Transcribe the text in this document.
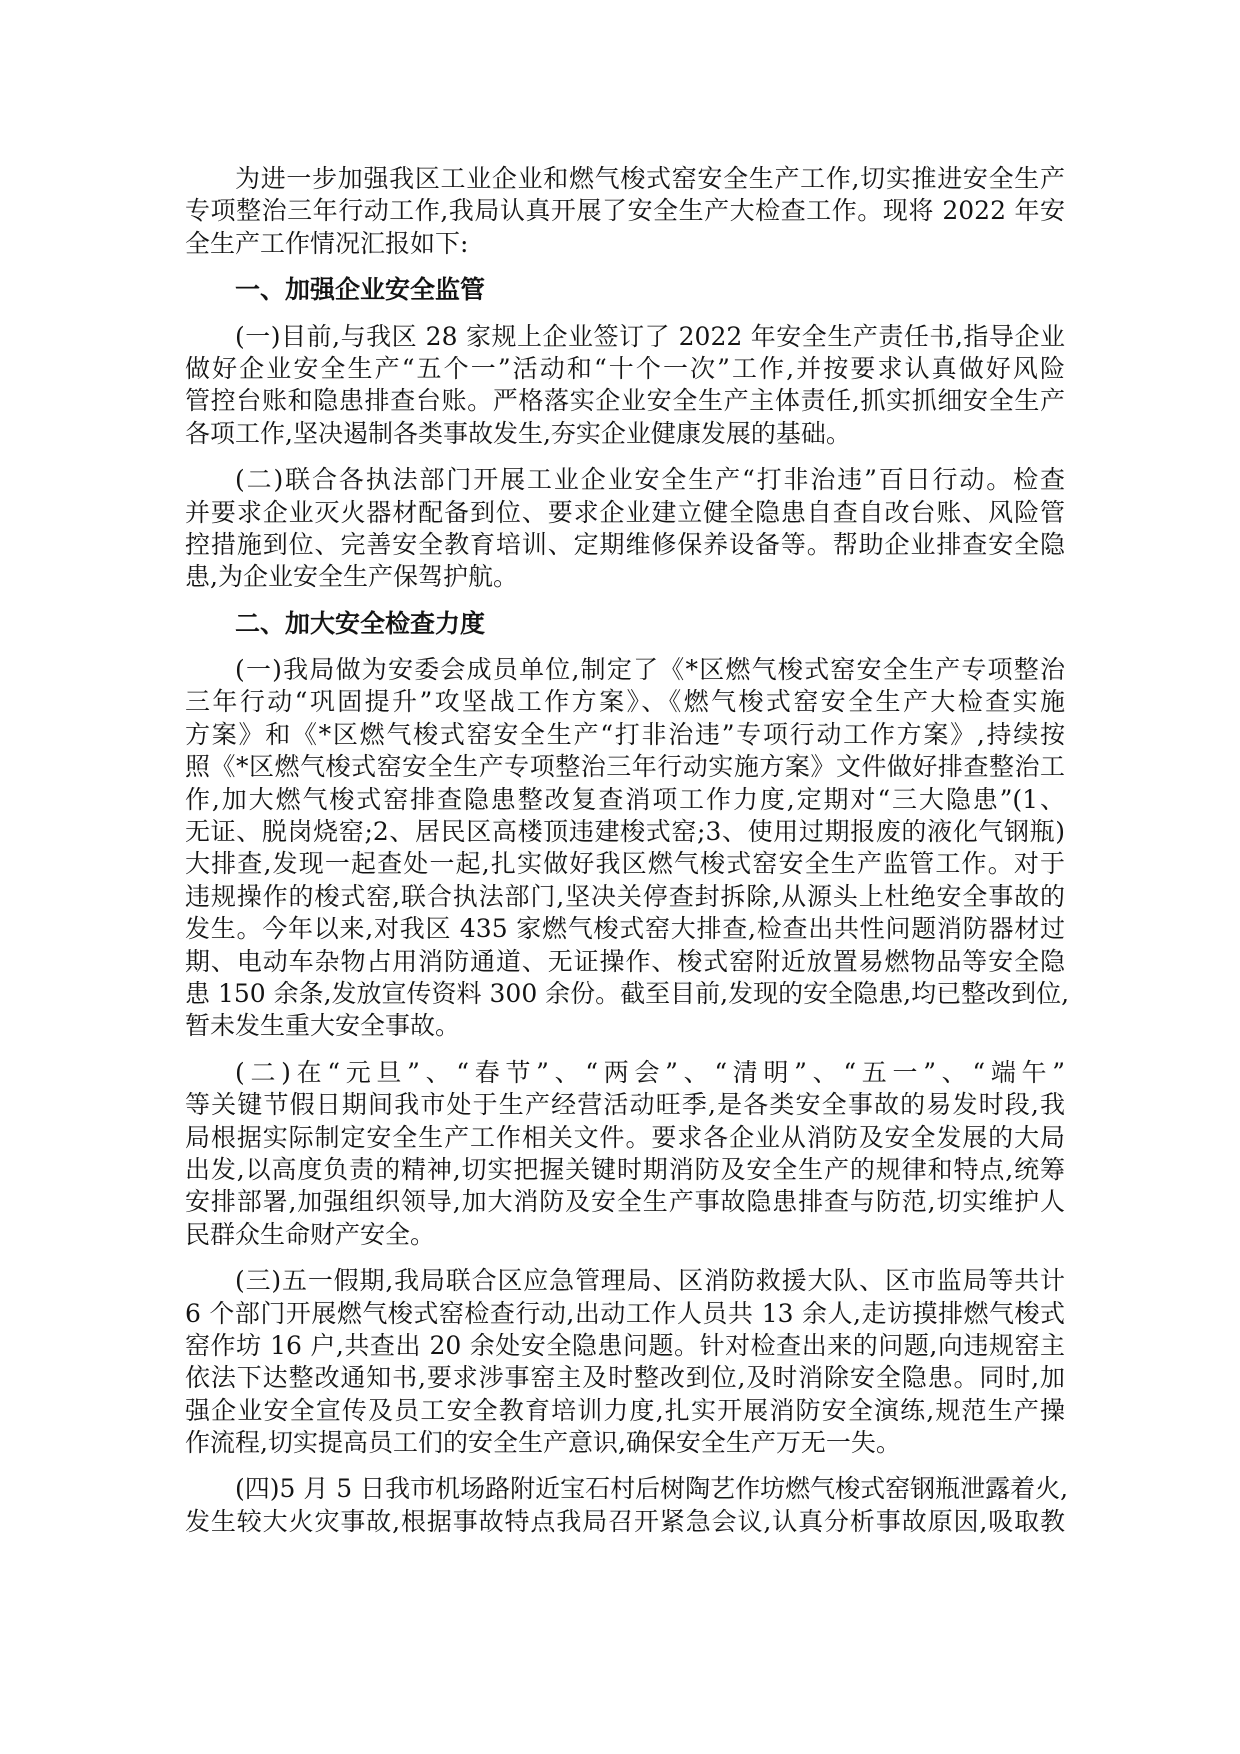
为进一步加强我区工业企业和燃气梭式窑安全生产工作,切实推进安全生产
专项整治三年行动工作,我局认真开展了安全生产大检查工作。现将 2022 年安
全生产工作情况汇报如下:
一、加强企业安全监管
(一)目前,与我区 28 家规上企业签订了 2022 年安全生产责任书,指导企业
做好企业安全生产“五个一”活动和“十个一次”工作,并按要求认真做好风险
管控台账和隐患排查台账。严格落实企业安全生产主体责任,抓实抓细安全生产
各项工作,坚决遏制各类事故发生,夯实企业健康发展的基础。
(二)联合各执法部门开展工业企业安全生产“打非治违”百日行动。检查
并要求企业灭火器材配备到位、要求企业建立健全隐患自查自改台账、风险管
控措施到位、完善安全教育培训、定期维修保养设备等。帮助企业排查安全隐
患,为企业安全生产保驾护航。
二、加大安全检查力度
(一)我局做为安委会成员单位,制定了《*区燃气梭式窑安全生产专项整治
三年行动“巩固提升”攻坚战工作方案》、《燃气梭式窑安全生产大检查实施
方案》和《*区燃气梭式窑安全生产“打非治违”专项行动工作方案》,持续按
照《*区燃气梭式窑安全生产专项整治三年行动实施方案》文件做好排查整治工
作,加大燃气梭式窑排查隐患整改复查消项工作力度,定期对“三大隐患”(1、
无证、脱岗烧窑;2、居民区高楼顶违建梭式窑;3、使用过期报废的液化气钢瓶)
大排查,发现一起查处一起,扎实做好我区燃气梭式窑安全生产监管工作。对于
违规操作的梭式窑,联合执法部门,坚决关停查封拆除,从源头上杜绝安全事故的
发生。今年以来,对我区 435 家燃气梭式窑大排查,检查出共性问题消防器材过
期、电动车杂物占用消防通道、无证操作、梭式窑附近放置易燃物品等安全隐
患 150 余条,发放宣传资料 300 余份。截至目前,发现的安全隐患,均已整改到位,
暂未发生重大安全事故。
(二)在“元旦”、“春节”、“两会”、“清明”、“五一”、“端午”
等关键节假日期间我市处于生产经营活动旺季,是各类安全事故的易发时段,我
局根据实际制定安全生产工作相关文件。要求各企业从消防及安全发展的大局
出发,以高度负责的精神,切实把握关键时期消防及安全生产的规律和特点,统筹
安排部署,加强组织领导,加大消防及安全生产事故隐患排查与防范,切实维护人
民群众生命财产安全。
(三)五一假期,我局联合区应急管理局、区消防救援大队、区市监局等共计
6 个部门开展燃气梭式窑检查行动,出动工作人员共 13 余人,走访摸排燃气梭式
窑作坊 16 户,共查出 20 余处安全隐患问题。针对检查出来的问题,向违规窑主
依法下达整改通知书,要求涉事窑主及时整改到位,及时消除安全隐患。同时,加
强企业安全宣传及员工安全教育培训力度,扎实开展消防安全演练,规范生产操
作流程,切实提高员工们的安全生产意识,确保安全生产万无一失。
(四)5 月 5 日我市机场路附近宝石村后树陶艺作坊燃气梭式窑钢瓶泄露着火,
发生较大火灾事故,根据事故特点我局召开紧急会议,认真分析事故原因,吸取教
